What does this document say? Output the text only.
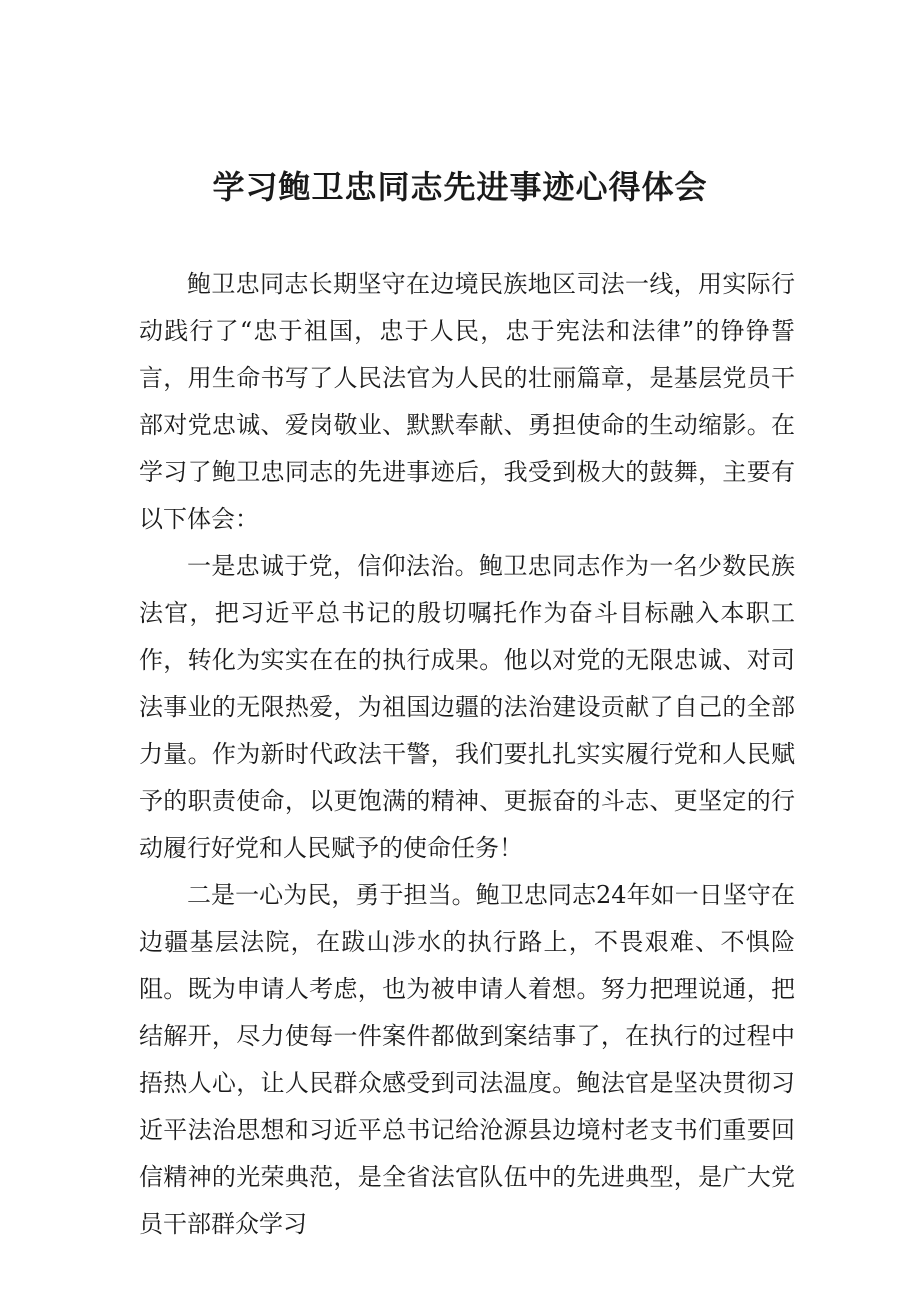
学习鲍卫忠同志先进事迹心得体会

鲍卫忠同志长期坚守在边境民族地区司法一线，用实际行动践行了“忠于祖国，忠于人民，忠于宪法和法律”的铮铮誓言，用生命书写了人民法官为人民的壮丽篇章，是基层党员干部对党忠诚、爱岗敬业、默默奉献、勇担使命的生动缩影。在学习了鲍卫忠同志的先进事迹后，我受到极大的鼓舞，主要有以下体会：

一是忠诚于党，信仰法治。鲍卫忠同志作为一名少数民族法官，把习近平总书记的殷切嘱托作为奋斗目标融入本职工作，转化为实实在在的执行成果。他以对党的无限忠诚、对司法事业的无限热爱，为祖国边疆的法治建设贡献了自己的全部力量。作为新时代政法干警，我们要扎扎实实履行党和人民赋予的职责使命，以更饱满的精神、更振奋的斗志、更坚定的行动履行好党和人民赋予的使命任务！

二是一心为民，勇于担当。鲍卫忠同志24年如一日坚守在边疆基层法院，在跋山涉水的执行路上，不畏艰难、不惧险阻。既为申请人考虑，也为被申请人着想。努力把理说通，把结解开，尽力使每一件案件都做到案结事了，在执行的过程中捂热人心，让人民群众感受到司法温度。鲍法官是坚决贯彻习近平法治思想和习近平总书记给沧源县边境村老支书们重要回信精神的光荣典范，是全省法官队伍中的先进典型，是广大党员干部群众学习
